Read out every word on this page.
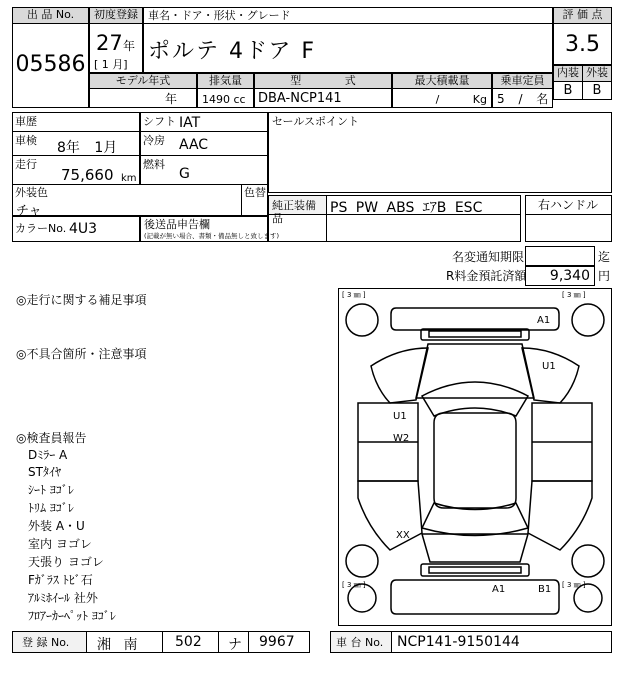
出 品 No.
05586
初度登録
27 年
[ 1 月]
車名・ドア・形状・グレード
ポルテ 4ドア F
評 価 点
3.5
内装 外装
B	B
モデル年式	排気量	型 式	最大積載量	乗車定員
年 1490 cc DBA-NCP141	/ Kg 5 / 名
車歴
車検 8年 1月
走行
75,660 km
シフト IAT
冷房 AAC
燃料
G
セールスポイント
外装色
チャ
色替
純正装備品
PS PW ABS ｴｱB ESC	右ハンドル
カラーNo. 4U3	後送品申告欄
(記載が無い場合、書類・備品無しと致します)
名変通知期限	迄
R料金預託済額 9,340 円
◎走行に関する補足事項
◎不具合箇所・注意事項
◎検査員報告
Dﾐﾗｰ A
STﾀｲﾔ
ｼｰﾄ ﾖｺﾞﾚ
ﾄﾘﾑ ﾖｺﾞﾚ
外装 A・U
室内 ヨゴレ
天張り ヨゴレ
Fｶﾞﾗｽ ﾄﾋﾞ石
ｱﾙﾐﾎｲｰﾙ 社外
ﾌﾛｱｰｶｰﾍﾟｯﾄ ﾖｺﾞﾚ
[ 3 ㎜ ]	[ 3 ㎜ ]
[ 3 ㎜ ]	[ 3 ㎜ ]
A1
U1
U1
W2
XX
A1	B1
登 録 No. 湘 南	502 ナ 9967	車 台 No. NCP141-9150144
